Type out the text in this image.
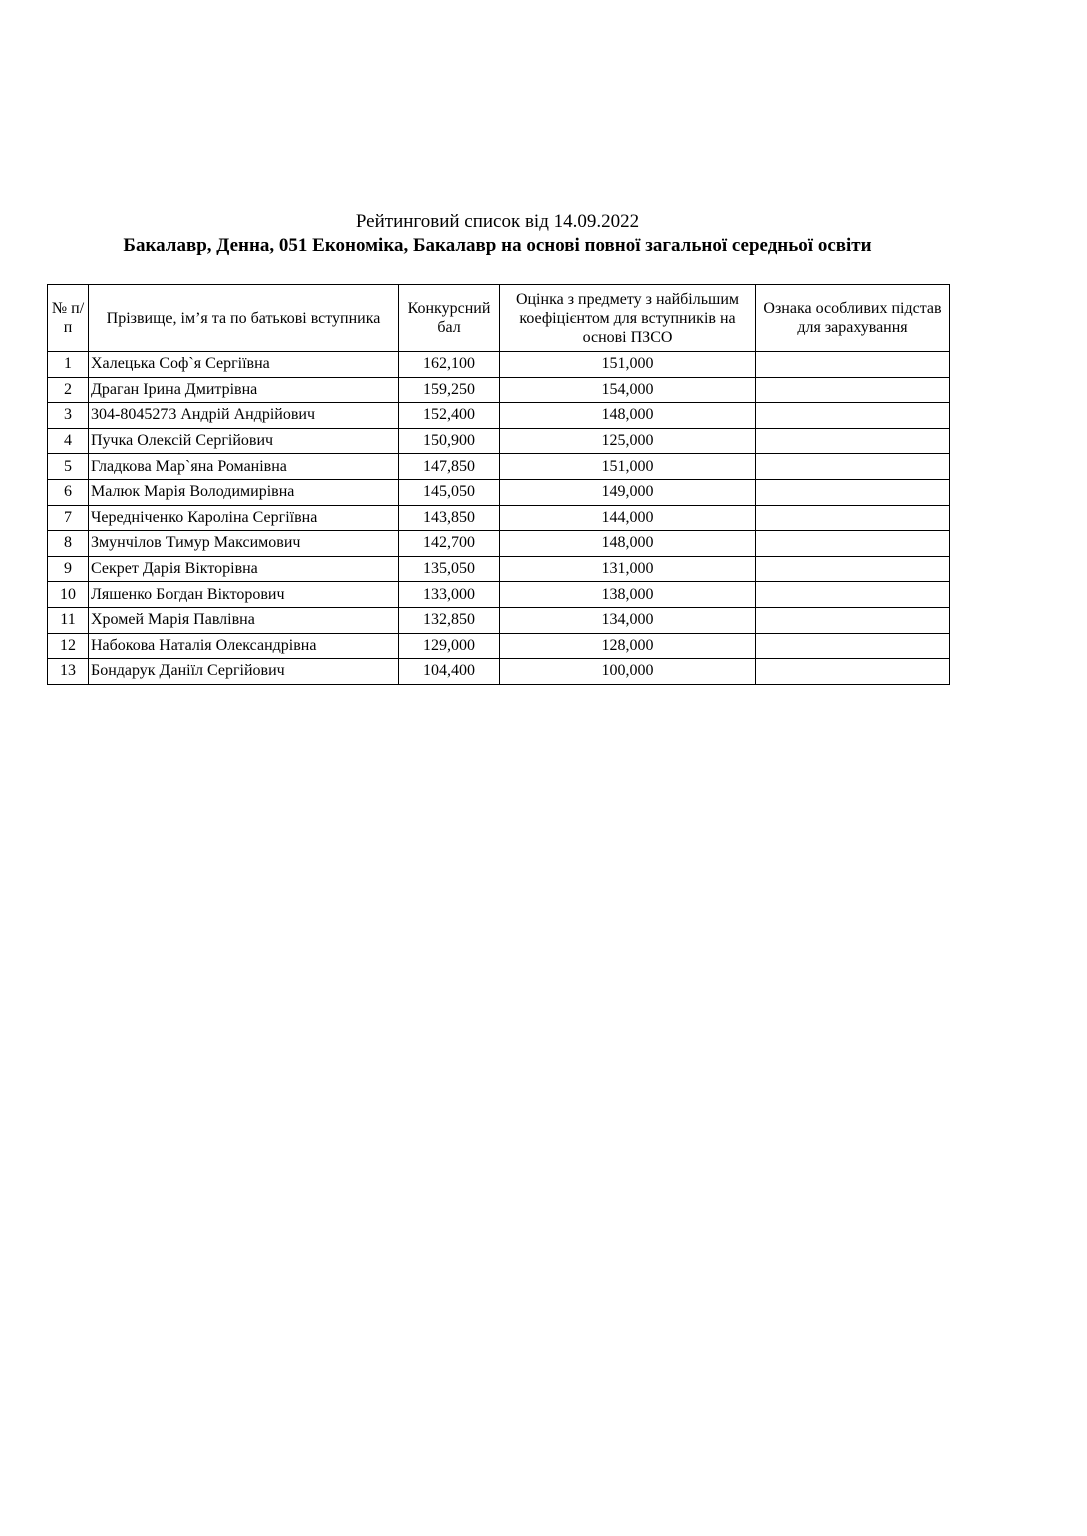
Рейтинговий список від 14.09.2022
Бакалавр, Денна, 051 Економіка, Бакалавр на основі повної загальної середньої освіти
№ п/п	Прізвище, ім’я та по батькові вступника	Конкурсний бал	Оцінка з предмету з найбільшим коефіцієнтом для вступників на основі ПЗСО	Ознака особливих підстав для зарахування
1	Халецька Соф`я Сергіївна	162,100	151,000	
2	Драган Ірина Дмитрівна	159,250	154,000	
3	304-8045273 Андрій Андрійович	152,400	148,000	
4	Пучка Олексій Сергійович	150,900	125,000	
5	Гладкова Мар`яна Романівна	147,850	151,000	
6	Малюк Марія Володимирівна	145,050	149,000	
7	Чередніченко Кароліна Сергіївна	143,850	144,000	
8	Змунчілов Тимур Максимович	142,700	148,000	
9	Секрет Дарія Вікторівна	135,050	131,000	
10	Ляшенко Богдан Вікторович	133,000	138,000	
11	Хромей Марія Павлівна	132,850	134,000	
12	Набокова Наталія Олександрівна	129,000	128,000	
13	Бондарук Даніїл Сергійович	104,400	100,000	
